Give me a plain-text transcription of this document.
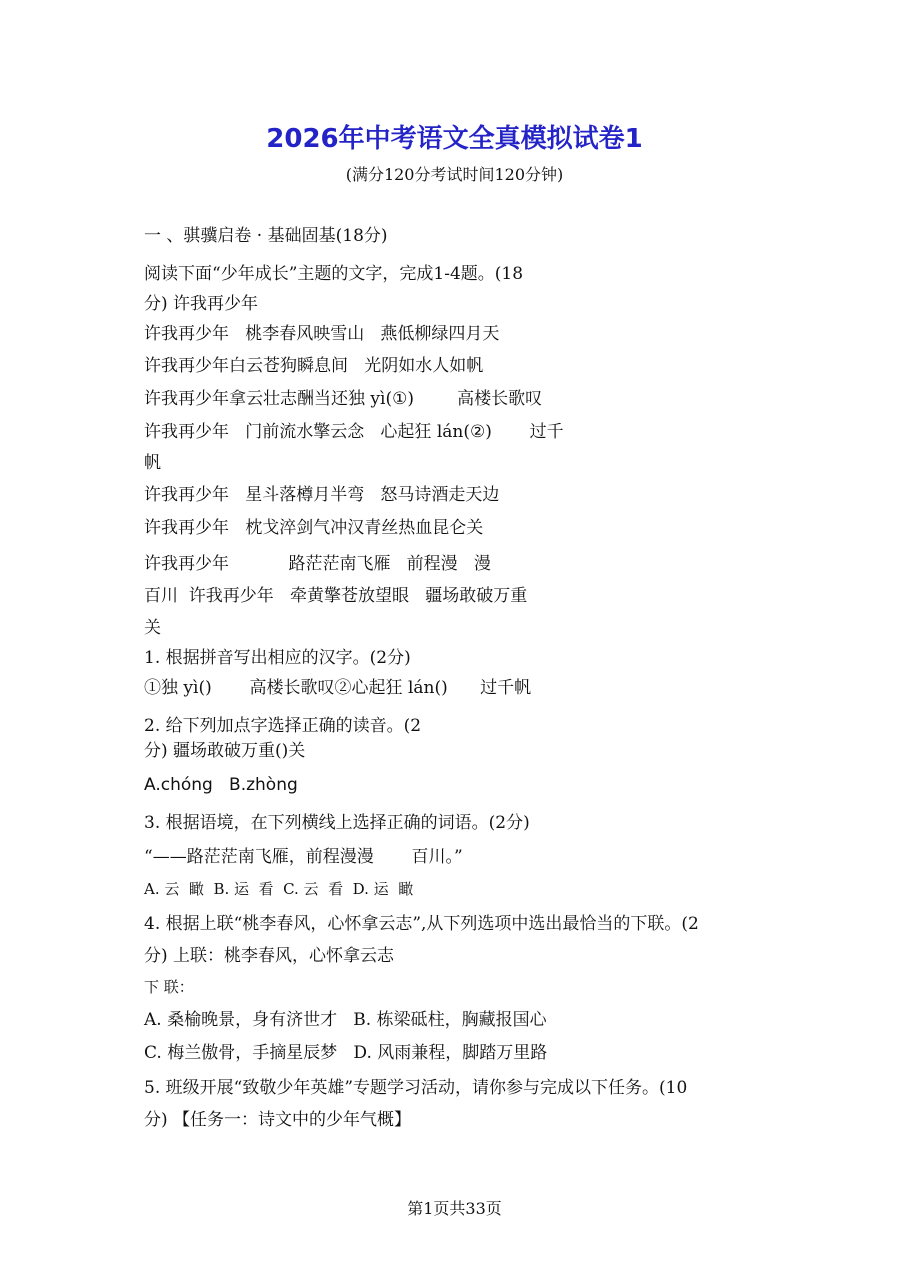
2026年中考语文全真模拟试卷1
(满分120分考试时间120分钟)
一 、骐骥启卷 · 基础固基(18分)
阅读下面“少年成长”主题的文字，完成1-4题。(18
分) 许我再少年
许我再少年   桃李春风映雪山   燕低柳绿四月天
许我再少年白云苍狗瞬息间   光阴如水人如帆
许我再少年拿云壮志酬当还独 yì(①)        高楼长歌叹
许我再少年   门前流水擎云念   心起狂 lán(②)       过千
帆
许我再少年   星斗落樽月半弯   怒马诗酒走天边
许我再少年   枕戈淬剑气冲汉青丝热血昆仑关
许我再少年           路茫茫南飞雁   前程漫   漫
百川  许我再少年   牵黄擎苍放望眼   疆场敢破万重
关
1. 根据拼音写出相应的汉字。(2分)
①独 yì()       高楼长歌叹②心起狂 lán()      过千帆
2. 给下列加点字选择正确的读音。(2
分) 疆场敢破万重()关
A.chóng   B.zhòng
3. 根据语境，在下列横线上选择正确的词语。(2分)
“——路茫茫南飞雁，前程漫漫       百川。”
A. 云  瞰  B. 运  看  C. 云  看  D. 运  瞰
4. 根据上联“桃李春风，心怀拿云志”,从下列选项中选出最恰当的下联。(2
分) 上联：桃李春风，心怀拿云志
下 联：
A. 桑榆晚景，身有济世才   B. 栋梁砥柱，胸藏报国心
C. 梅兰傲骨，手摘星辰梦   D. 风雨兼程，脚踏万里路
5. 班级开展“致敬少年英雄”专题学习活动，请你参与完成以下任务。(10
分) 【任务一：诗文中的少年气概】
第1页共33页
